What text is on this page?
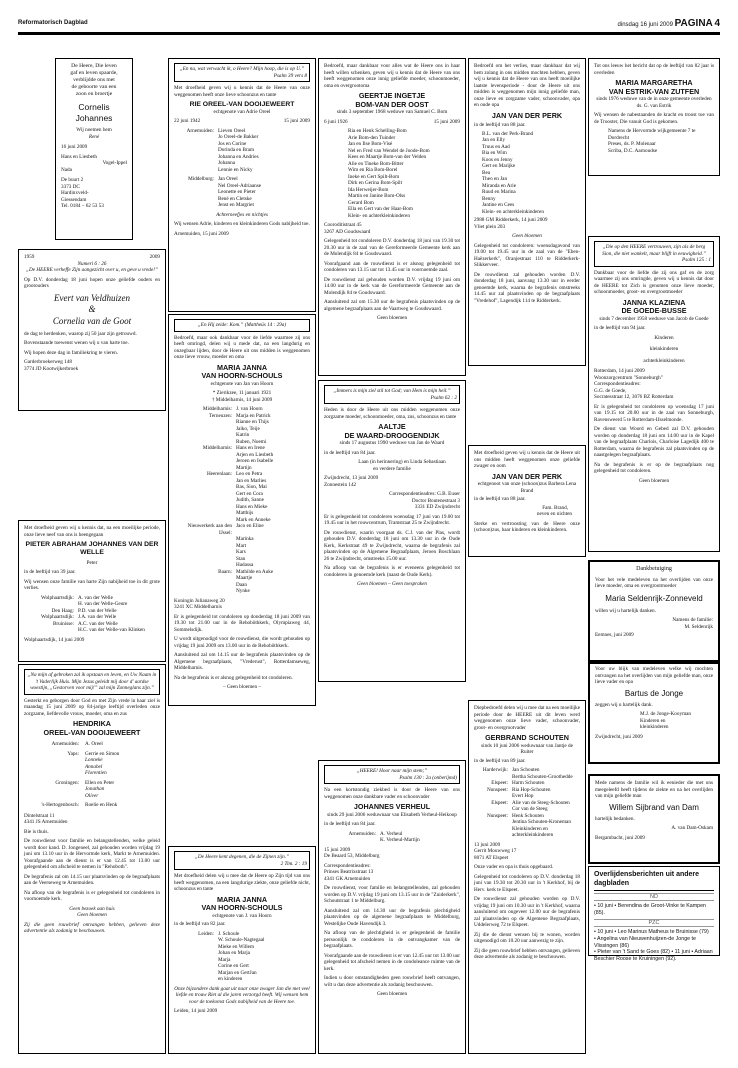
Reformatorisch Dagblad	dinsdag 16 juni 2009 PAGINA 4
De Heere, Die leven
gaf en leven spaarde,
verblijdde ons met
de geboorte van een
zoon en broertje
Cornelis Johannes
Wij noemen hem
René
16 juni 2009
Hans en Liesbeth
Vogel-Ippel
Nada
De buurt 2
3373 DC
Hardinxveld-
Giessendam
Tel. 0184 – 62 53 53
1959	2009
Numeri 6 : 26
„De HEERE verheffe Zijn aangezicht over u, en geve u vrede!”
Op D.V. donderdag 18 juni hopen onze geliefde ouders en grootouders
Evert van Veldhuizen
&
Cornelia van de Goot
de dag te herdenken, waarop zij 50 jaar zijn getrouwd.
Bovenstaande toewenst wenen wij u van harte toe.
Wij hopen deze dag in familiekring te vieren.
Garderbroekerweg 148
3774 JD Kootwijkerbroek
Met droefheid geven wij u kennis dat, na een moeilijke periode, onze lieve neef van ons is heengegaan
PIETER ABRAHAM JOHANNES VAN DER WELLE
Peter
in de leeftijd van 39 jaar.
Wij wensen onze familie van harte Zijn nabijheid toe in dit grote verlies.
Wolphaartsdijk: A. van der Welle
H. van der Welle-Geure
Den Haag: P.D. van der Welle
Wolphaartsdijk: J.A. van der Welle
Bruinisse: A.C. van der Welle
H.C. van der Welle-van Klinken
Wolphaartsdijk, 14 juni 2009
„Na mijn af gebroken zal ik opstaan en leven, en Uw Naam in 't Vaderlijk Huis. Mijn Jezus geleidt mij door d' aardse woestijn, „Gestorven voor mij!” zal mijn Zonneglans zijn.”
Gesterkt en geborgen door God en met Zijn vrede in haar ziel is maandag 15 juni 2009 op 84-jarige leeftijd overleden onze zorgzame, liefdevolle vrouw, moeder, oma en zus
HENDRIKA
OREEL-VAN DOOIJEWEERT
Arnemuiden: A. Oreel
Yaps: Gerrie en Simon
Lonneke
Annabel
Florentien
Groningen: Ellen en Peter
Jonathan
Oliver
's-Hertogenbosch: Roelie en Henk
Dintelstraat 11
4341 JS Arnemuiden
Bie is thuis.
De rouwdienst voor familie en belangstellenden, welke geleid wordt door kand. D. Jongeneel, zal gehouden worden vrijdag 19 juni om 13.10 uur in de Hervormde kerk, Markt te Arnemuiden. Voorafgaande aan de dienst is er van 12.45 tot 13.00 uur gelegenheid om afscheid te nemen in "Rehoboth".
De begrafenis zal om 14.15 uur plaatsvinden op de begraafplaats aan de Veerseweg te Arnemuiden.
Na afloop van de begrafenis is er gelegenheid tot condoleren in voornoemde kerk.
Geen bezoek aan huis
Geen bloemen
Zij die geen rouwbrief ontvangen hebben, gelieven deze advertentie als zodanig te beschouwen.
„En nu, wat verwacht ik, o Heere? Mijn hoop, die is op U.”
Psalm 39 vers 8
Met droefheid geven wij u kennis dat de Heere van onze weggenomen heeft onze lieve schoonzus en tante
RIE OREEL-VAN DOOIJEWEERT
echtgenote van Adrie Oreel
22 juni 1942	15 juni 2009
Arnemuiden: Lieven Oreel
Jo Oreel-de Bakker
Jos en Corine
Dorinda en Bram
Johanna en Andries
Johanna
Lennie en Nicky
Middelburg: Jan Oreel
Nel Oreel-Adriaanse
Leonette en Pieter
Bené en Cletske
Jenst en Margriet
Achterneefjes en nichtjes
Wij wensen Adrie, kinderen en kleinkinderen Gods nabijheid toe.
Arnemuiden, 15 juni 2009
„En Hij zeide: Kom.” (Mattheüs 14 : 29a)
Bedroefd, maar ook dankbaar voor de liefde waarmee zij ons heeft omringd, delen wij u mede dat, na een langdurig en onzegbaar lijden, door de Heere uit ons midden is weggenomen onze lieve vrouw, moeder en oma
MARIA JANNA
VAN HOORN-SCHOULS
echtgenote van Jan van Hoorn
* Zierikzee, 11 januari 1921
† Middelharnis, 14 juni 2009
Middelharnis: J. van Hoorn
Terneuzen: Marja en Patrick
Rianne en Thijs
Jaiko, Teije
Katrin
Ruben, Noemi
Middelharnis: Hans en Irene
Arjen en Liesbeth
Jeroen en Isabelle
Martijn
Heerenlaan: Leo en Petra
Jan en Marlies
Bas, Sion, Mai
Gert en Cora
Judith, Sanne
Hans en Mieke
Matthijs
Mark en Anneke
Nieuwerkerk aan den IJssel:
Jaco en Eline
Marinka
Mart
Kars
Stan
Hadassa
Baarn: Mathilde en Auke
Maartje
Daan
Nynke
Koningin Julianaweg 20
3241 XC Middelharnis
Er is gelegenheid tot condoleren op donderdag 18 juni 2009 van 19.30 tot 21.00 uur in de Rehobôthkerk, Olympiaweg 44, Sommelsdijk.
U wordt uitgenodigd voor de rouwdienst, die wordt gehouden op vrijdag 19 juni 2009 om 13.00 uur in de Rehobôthkerk.
Aansluitend zal om 14.15 uur de begrafenis plaatsvinden op de Algemene begraafplaats, "Vrederust", Rotterdamseweg, Middelharnis.
Na de begrafenis is er alsnog gelegenheid tot condoleren.
– Geen bloemen –
„De Heere kent degenen, die de Zijnen zijn.”
2 Tim. 2 : 19
Met droefheid delen wij u mee dat de Heere op Zijn tijd van ons heeft weggenomen, na een langdurige ziekte, onze geliefde nicht, schoonzus en tante
MARIA JANNA
VAN HOORN-SCHOULS
echtgenote van J. van Hoorn
in de leeftijd van 82 jaar.
Leiden: J. Schoule
W. Schoule-Nagtegaal
Mieke en Willem
Johan en Marja
Marja
Corine en Gert
Marjan en GertJan
en kinderen
Onze bijzondere dank gaat uit naar onze zwager Jan die met veel liefde en trouw Riet al die jaren verzorgd heeft. Wij wensen hem voor de toekomst Gods nabijheid van de Heere toe.
Leiden, 14 juni 2009
Bedroefd, maar dankbaar voor alles wat de Heere ons in haar heeft willen schenken, geven wij u kennis dat de Heere van ons heeft weggenomen onze innig geliefde moeder, schoonmoeder, oma en overgrootoma
GEERTJE INGETJE
BOM-VAN DER OOST
sinds 3 september 1968 weduwe van Samuel C. Bom
6 juni 1926	15 juni 2009
Ria en Henk Schelling-Bom
Arie Bom-den Tuinder
Jan en Ilse Bom-Visé
Nel en Fred van Wendel de Joode-Bom
Kees en Maartje Bom-van der Velden
Alie en Tineke Bom-Bitter
Wim en Ria Bom-Borel
Ineke en Gert Spilt-Bom
Dirk en Gerina Bom-Spilt
Ida Herweijer-Bom
Martin en Janine Bom-Olss
Gerard Bom
Ella en Gert van der Haar-Bom
Klein- en achterkleinkinderen
Cooroditistraat 45
3267 AD Goudswaard
Gelegenheid tot condoleren D.V. donderdag 18 juni van 19.30 tot 20.30 uur in de zaal van de Gereformeerde Gemeente kerk aan de Molendijk 84 te Goudswaard.
Voorafgaand aan de rouwdienst is er alsnog gelegenheid tot condoleren van 13.15 uur tot 13.45 uur in voornoemde zaal.
De rouwdienst zal gehouden worden D.V. vrijdag 19 juni om 14.00 uur in de kerk van de Gereformeerde Gemeente aan de Molendijk 84 te Goudswaard.
Aansluitend zal om 15.30 uur de begrafenis plaatsvinden op de algemene begraafplaats aan de Vaartweg te Goudswaard.
Geen bloemen
„Immers is mijn ziel stil tot God; van Hem is mijn heil.”
Psalm 62 : 2
Heden is door de Heere uit ons midden weggenomen onze zorgzame moeder, schoonmoeder, oma, zus, schoonzus en tante
AALTJE
DE WAARD-DROOGENDIJK
sinds 17 augustus 1990 weduwe van Jan de Waard
in de leeftijd van 84 jaar.
Laan (in herinnering) en Linda Sebastiaan
en verdere familie
Zwijndrecht, 13 juni 2009
Zonnestein 142
Correspondentieadres: G.B. Euser
Doctor Boutenestraat 3
3331 ED Zwijndrecht
Er is gelegenheid tot condoleren woensdag 17 juni van 19.00 tot 19.45 uur in het rouwcentrum, Tramstraat 25 te Zwijndrecht.
De rouwdienst, waarin voorgaat ds. C.J. van der Plas, wordt gehouden D.V. donderdag 18 juni om 13.30 uur in de Oude Kerk, Kerkstraat 49 te Zwijndrecht, waarna de begrafenis zal plaatsvinden op de Algemene Begraafplaats, Jeroen Boschlaan 26 te Zwijndrecht, omstreeks 15.00 uur.
Na afloop van de begrafenis is er eveneens gelegenheid tot condoleren in genoemde kerk (naast de Oude Kerk).
Geen bloemen – Geen toespraken
„HEERE! Hoor naar mijn stem;”
Psalm 130 : 2a (onberijmd)
Na een kortstondig ziekbed is door de Heere van ons weggenomen onze dankbare vader en schoonvader
JOHANNES VERHEUL
sinds 29 juni 2006 weduwnaar van Elisabeth Verheul-Heikoop
in de leeftijd van 84 jaar.
Arnemuiden: A. Verheul
K. Verheul-Martijn
15 juni 2009
De Beaard 53, Middelburg
Correspondentieadres:
Prinses Beatrixstraat 13
4341 GK Arnemuiden
De rouwdienst, voor familie en belangstellenden, zal gehouden worden op D.V. vrijdag 19 juni om 13.15 uur in de "Zuiderkerk", Schoutstraat 1 te Middelburg.
Aansluitend zal om 14.30 uur de begrafenis plechtigheid plaatsvinden op de algemene begraafplaats te Middelburg, Westelijke Oude Havendijk 3.
Na afloop van de plechtigheid is er gelegenheid de familie persoonlijk te condoleren in de ontvangkamer van de begraafplaats.
Voorafgaande aan de rouwdienst is er van 12.45 uur tot 13.00 uur gelegenheid tot afscheid nemen in de condoleance ruimte van de kerk.
Indien u door omstandigheden geen rouwbrief heeft ontvangen, wilt u dan deze advertentie als zodanig beschouwen.
Geen bloemen
Bedroefd om het verlies, maar dankbaar dat wij hem zolang in ons midden mochten hebben, geven wij u kennis dat de Heere van ons heeft moeilijke laatste levensperiode - door de Heere uit ons midden is weggenomen mijn innig geliefde man, onze lieve en zorgzame vader, schoonvader, opa en oude opa
JAN VAN DER PERK
in de leeftijd van 88 jaar.
B.L. van der Perk-Brand
Jan en Elly
Truus en Aad
Bia en Wim
Koos en Jenny
Gert en Marijke
Bea
Theo en Jan
Miranda en Arie
Ruud en Marina
Benny
Jantine en Cees
Klein- en achterkleinkinderen
2988 GM Ridderkerk, 14 juni 2009
Vliet plein 203
Geen bloemen
Gelegenheid tot condoleren: woensdagavond van 19.00 tot 19.45 uur in de zaal van de "Eben-Haëzerkerk", Oranjestraat 110 te Ridderkerk-Slikkerveer.
De rouwdienst zal gehouden worden D.V. donderdag 18 juni, aanvang 13.30 uur in eerder genoemde kerk, waarna de begrafenis omstreeks 14.45 uur zal plaatsvinden op de begraafplaats "Vredehof", Lagendijk 114 te Ridderkerk.
Met droefheid geven wij u kennis dat de Heere uit ons midden heeft weggenomen onze geliefde zwager en oom
JAN VAN DER PERK
echtgenoot van onze (schoon)zus Barbera Lena Brand
in de leeftijd van 88 jaar.
Fam. Brand,
neven en nichten
Sterke en vertroosting van de Heere onze (schoon)zus, haar kinderen en kleinkinderen.
Diepbedroefd delen wij u mee dat na een moeilijke periode door de HEERE uit dit leven werd weggenomen onze lieve vader, schoonvader, groot- en overgrootvader
GERBRAND SCHOUTEN
sinds 10 juni 2006 weduwnaar van Jantje de Ruiter
in de leeftijd van 89 jaar.
Harderwijk: Jan Schouten
Bertha Schouten-Groothedde
Elspeet: Harm Schouten
Nunspeet: Ria Hop-Schouten
Evert Hop
Elspeet: Alie van de Steeg-Schouten
Cor van de Steeg
Nunspeet: Henk Schouten
Jentina Schouten-Kroneman
Kleinkinderen en
achterkleinkinderen
13 juni 2009
Gerrit Mouwweg 17
8071 AT Elspeet
Onze vader en opa is thuis opgebaard.
Gelegenheid tot condoleren op D.V. donderdag 18 juni van 19.30 tot 20.30 uur in 't Kerkhof, bij de Herv. kerk te Elspeet.
De rouwdienst zal gehouden worden op D.V. vrijdag 19 juni om 10.30 uur in 't Kerkhof, waarna aansluitend om ongeveer 12.00 uur de begrafenis zal plaatsvinden op de Algemene Begraafplaats, Uddelerweg 72 te Elspeet.
Zij die de dienst wensen bij te wonen, worden uitgenodigd om 10.20 uur aanwezig te zijn.
Zij die geen rouwbrief hebben ontvangen, gelieven deze advertentie als zodanig te beschouwen.
Tot ons leeuw het bericht dat op de leeftijd van 82 jaar is overleden
MARIA MARGARETHA
VAN ESTRIK-VAN ZUTFEN
sinds 1976 weduwe van de in onze gemeente overleden ds. G. van Estrik
Wij wensen de nabestaanden de kracht en troost toe van de Trooster, Die vanuit God is gekomen.
Namens de Hervormde wijkgemeente 7 te Dordrecht
Preses, ds. P. Molenaar
Scriba, D.C. Aarnoudse
„Die op den HEERE vertrouwen, zijn als de berg Sion, die niet wankelt, maar blijft in eeuwigheid.”
Psalm 125 : 1
Dankbaar voor de liefde die zij ons gaf en de zorg waarmee zij ons omringde, geven wij u kennis dat door de HEERE tot Zich is genomen onze lieve moeder, schoonmoeder, groot- en overgrootmoeder
JANNA KLAZIENA
DE GOEDE-BUSSE
sinds 7 december 1958 weduwe van Jacob de Goede
in de leeftijd van 94 jaar.
Kinderen
kleinkinderen
achterkleinkinderen
Rotterdam, 14 juni 2009
Woonzorgcentrum "Sonneburgh"
Correspondentieadres:
G.G. de Goede,
Socratesstraat 12, 3076 BZ Rotterdam
Er is gelegenheid tot condoleren op woensdag 17 juni van 19.15 tot 20.00 uur in de zaal van Sonneburgh, Ravensweerd 5 te Rotterdam-IJsselmonde.
De dienst van Woord en Gebed zal D.V. gehouden worden op donderdag 18 juni om 14.00 uur in de Kapel van de begraafplaats Charlois, Charloise Lagedijk 400 te Rotterdam, waarna de begrafenis zal plaatsvinden op de naastgelegen begraafplaats.
Na de begrafenis is er op de begraafplaats nog gelegenheid tot condoleren.
Geen bloemen
Dankbetuiging
Voor het vele medeleven na het overlijden van onze lieve moeder, oma en overgrootmoeder
Maria Seldenrijk-Zonneveld
willen wij u hartelijk danken.
Namens de familie:
M. Seldenrijk
Eemnes, juni 2009
Voor uw blijk van medeleven welke wij mochten ontvangen na het overlijden van mijn geliefde man, onze lieve vader en opa
Bartus de Jonge
zeggen wij u hartelijk dank.
M.J. de Jonge-Kooyman
Kinderen en
kleinkinderen
Zwijndrecht, juni 2009
Mede namens de familie wil ik eenieder die met ons meegeleefd heeft tijdens de ziekte en na het overlijden van mijn geliefde man
Willem Sijbrand van Dam
hartelijk bedanken.
A. van Dam-Oskam
Bergambacht, juni 2009
Overlijdensberichten uit andere dagbladen
ND
• 10 juni • Berendina de Groot-Vinke te Kampen (85).
PZC
• 10 juni • Leo Marinus Matheus te Bruinisse (79)
• Angelina van Nieuwenhuijzen-de Jonge te Vlissingen (86)
• Pieter van 't Sand te Goes (82) • 11 juni • Adriaan Beschier Roose te Kruiningen (92).
